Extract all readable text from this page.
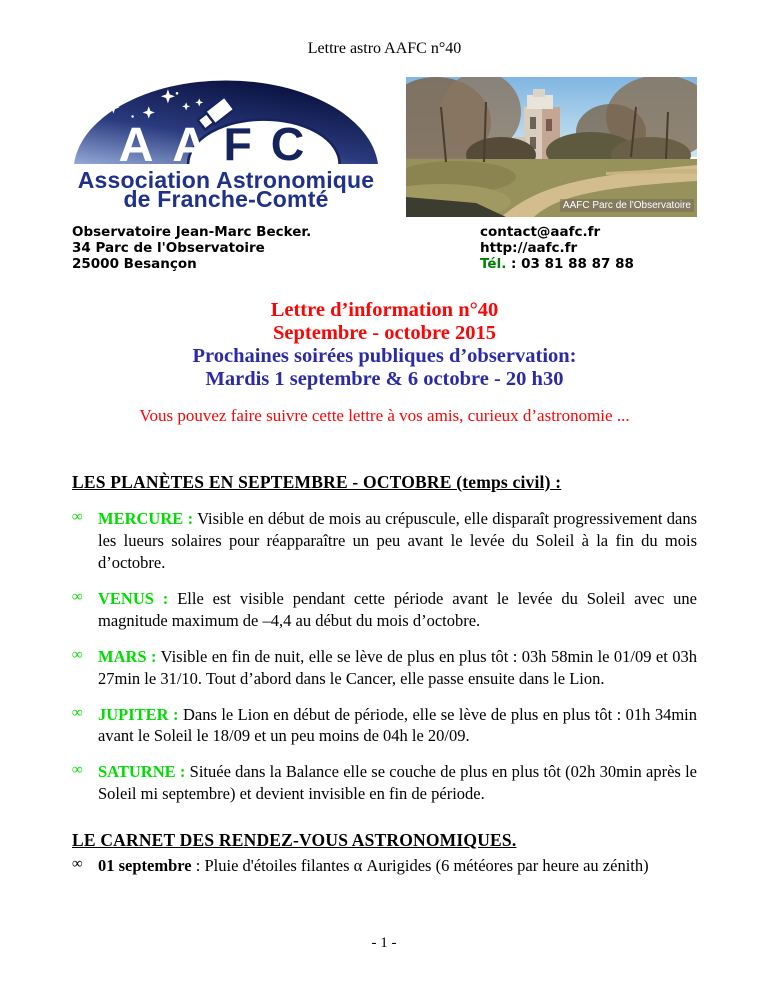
Lettre astro AAFC n°40
AA FC
Association Astronomique
de Franche-Comté	AAFC Parc de l'Observatoire
Observatoire Jean-Marc Becker.
34 Parc de l'Observatoire
25000 Besançon
contact@aafc.fr
http://aafc.fr
Tél. : 03 81 88 87 88
Lettre d’information n°40
Septembre - octobre 2015
Prochaines soirées publiques d’observation:
Mardis 1 septembre & 6 octobre - 20 h30
Vous pouvez faire suivre cette lettre à vos amis, curieux d’astronomie ...
LES PLANÈTES EN SEPTEMBRE - OCTOBRE (temps civil) :
∞ MERCURE : Visible en début de mois au crépuscule, elle disparaît progressivement dans les lueurs solaires pour réapparaître un peu avant le levée du Soleil à la fin du mois d’octobre.
∞ VENUS : Elle est visible pendant cette période avant le levée du Soleil avec une magnitude maximum de –4,4 au début du mois d’octobre.
∞ MARS : Visible en fin de nuit, elle se lève de plus en plus tôt : 03h 58min le 01/09 et 03h 27min le 31/10. Tout d’abord dans le Cancer, elle passe ensuite dans le Lion.
∞ JUPITER : Dans le Lion en début de période, elle se lève de plus en plus tôt : 01h 34min avant le Soleil le 18/09 et un peu moins de 04h le 20/09.
∞ SATURNE : Située dans la Balance elle se couche de plus en plus tôt (02h 30min après le Soleil mi septembre) et devient invisible en fin de période.
LE CARNET DES RENDEZ-VOUS ASTRONOMIQUES.
∞ 01 septembre : Pluie d'étoiles filantes α Aurigides (6 météores par heure au zénith)
- 1 -
